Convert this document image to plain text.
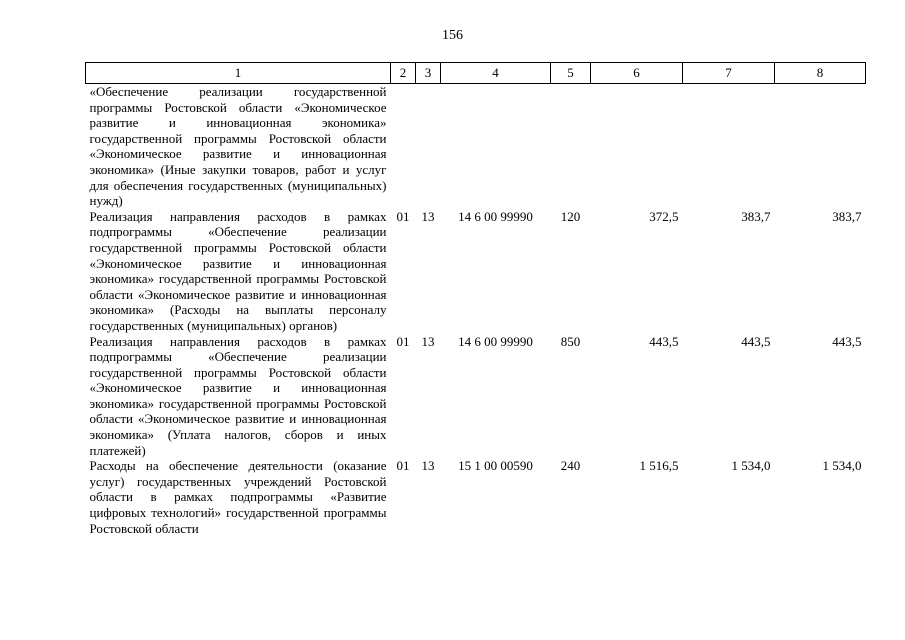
156
1	2	3	4	5	6	7	8
«Обеспечение реализации государственной программы Ростовской области «Экономическое развитие и инновационная экономика» государственной программы Ростовской области «Экономическое развитие и инновационная экономика» (Иные закупки товаров, работ и услуг для обеспечения государственных (муниципальных) нужд)							
Реализация направления расходов в рамках подпрограммы «Обеспечение реализации государственной программы Ростовской области «Экономическое развитие и инновационная экономика» государственной программы Ростовской области «Экономическое развитие и инновационная экономика» (Расходы на выплаты персоналу государственных (муниципальных) органов)	01	13	14 6 00 99990	120	372,5	383,7	383,7
Реализация направления расходов в рамках подпрограммы «Обеспечение реализации государственной программы Ростовской области «Экономическое развитие и инновационная экономика» государственной программы Ростовской области «Экономическое развитие и инновационная экономика» (Уплата налогов, сборов и иных платежей)	01	13	14 6 00 99990	850	443,5	443,5	443,5
Расходы на обеспечение деятельности (оказание услуг) государственных учреждений Ростовской области в рамках подпрограммы «Развитие цифровых технологий» государственной программы Ростовской области	01	13	15 1 00 00590	240	1 516,5	1 534,0	1 534,0
